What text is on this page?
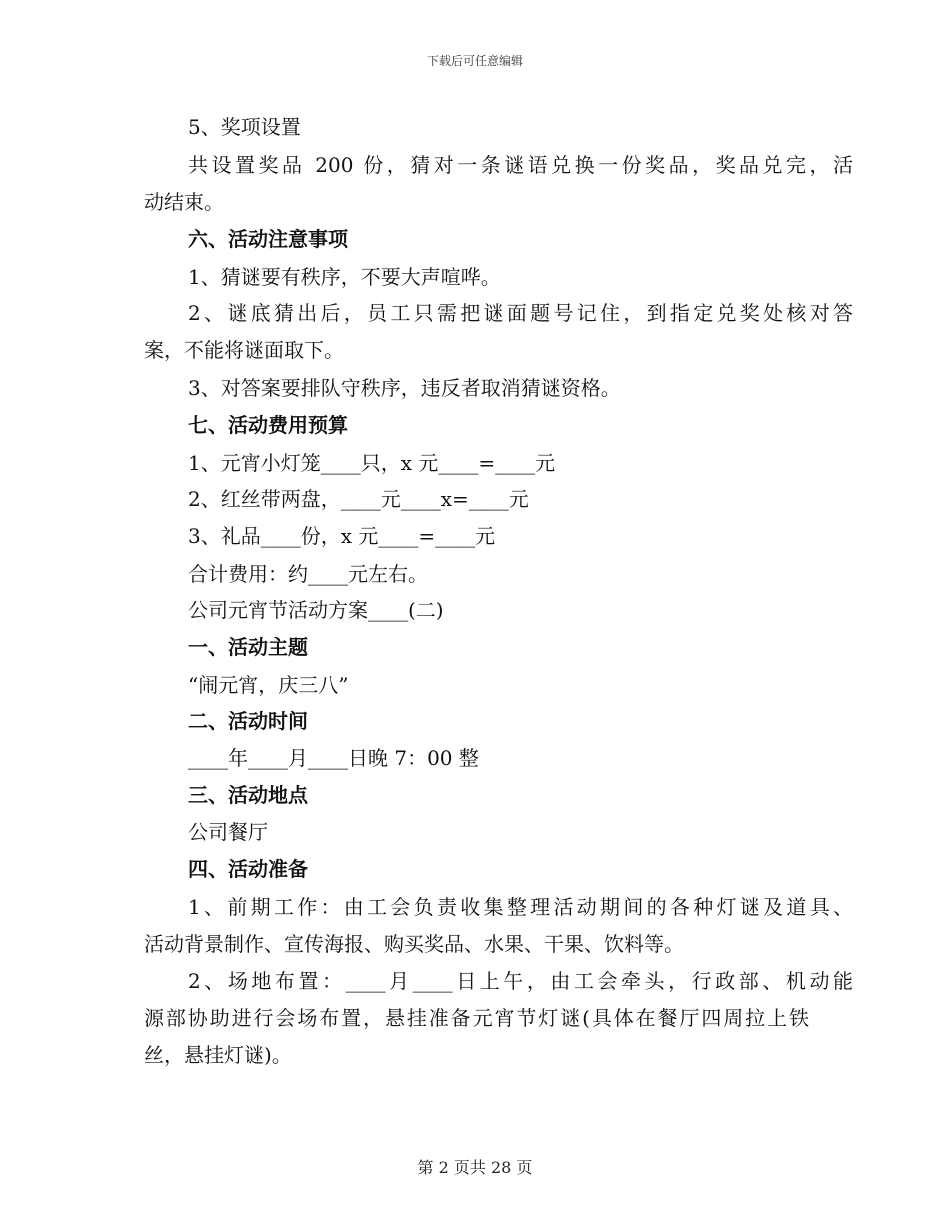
下载后可任意编辑
5、奖项设置
共设置奖品 200 份，猜对一条谜语兑换一份奖品，奖品兑完，活
动结束。
六、活动注意事项
1、猜谜要有秩序，不要大声喧哗。
2、谜底猜出后，员工只需把谜面题号记住，到指定兑奖处核对答
案，不能将谜面取下。
3、对答案要排队守秩序，违反者取消猜谜资格。
七、活动费用预算
1、元宵小灯笼____只，x 元____=____元
2、红丝带两盘，____元____x=____元
3、礼品____份，x 元____=____元
合计费用：约____元左右。
公司元宵节活动方案____(二)
一、活动主题
“闹元宵，庆三八”
二、活动时间
____年____月____日晚 7：00 整
三、活动地点
公司餐厅
四、活动准备
1、前期工作：由工会负责收集整理活动期间的各种灯谜及道具、
活动背景制作、宣传海报、购买奖品、水果、干果、饮料等。
2、场地布置：____月____日上午，由工会牵头，行政部、机动能
源部协助进行会场布置，悬挂准备元宵节灯谜(具体在餐厅四周拉上铁
丝，悬挂灯谜)。
第 2 页共 28 页
